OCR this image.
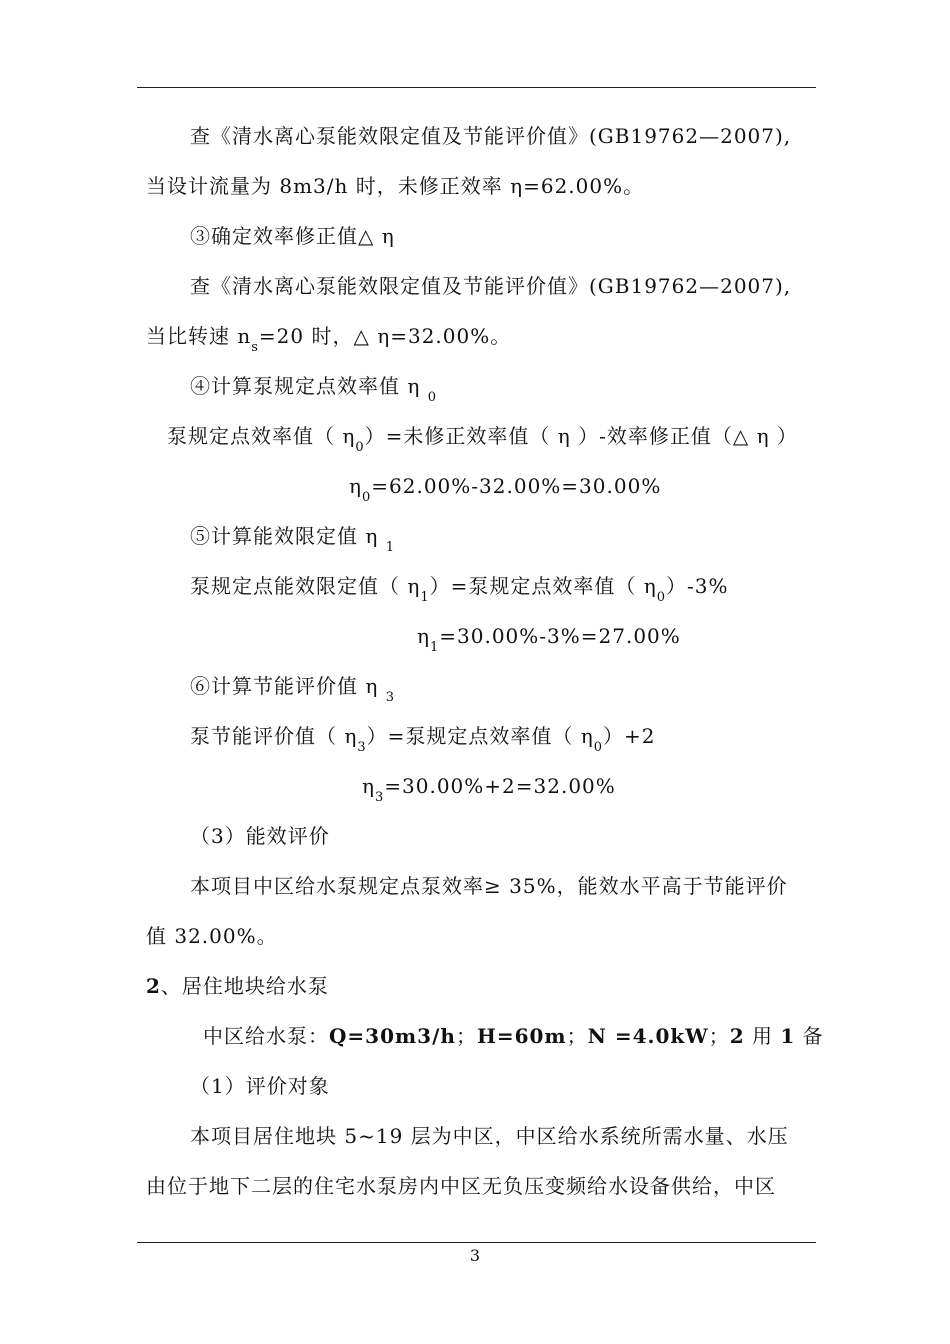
查《清水离心泵能效限定值及节能评价值》(GB19762—2007),
当设计流量为 8m3/h 时，未修正效率 η=62.00%。
③确定效率修正值△ η
查《清水离心泵能效限定值及节能评价值》(GB19762—2007),
当比转速 $n_s=20$ 时，△ η=32.00%。
④计算泵规定点效率值 η $_0$
泵规定点效率值（ $\eta_0)=$未修正效率值（ η ）-效率修正值（△ η ）
$\eta_0=62.00\%-32.00\%=30.00\%$
⑤计算能效限定值 η $_1$
泵规定点能效限定值（ $\eta_1)=$泵规定点效率值（ $\eta_0)-3\%$
$\eta_1=30.00\%-3\%=27.00\%$
⑥计算节能评价值 η $_3$
泵节能评价值（ $\eta_3)=$泵规定点效率值（ $\eta_0)+2$
$\eta_3=30.00\%+2=32.00\%$
（3）能效评价
本项目中区给水泵规定点泵效率≥ 35%，能效水平高于节能评价
值 32.00%。
2、居住地块给水泵
中区给水泵：Q=30m3/h；H=60m；N =4.0kW；2 用 1 备
（1）评价对象
本项目居住地块 5~19 层为中区，中区给水系统所需水量、水压
由位于地下二层的住宅水泵房内中区无负压变频给水设备供给，中区
3
